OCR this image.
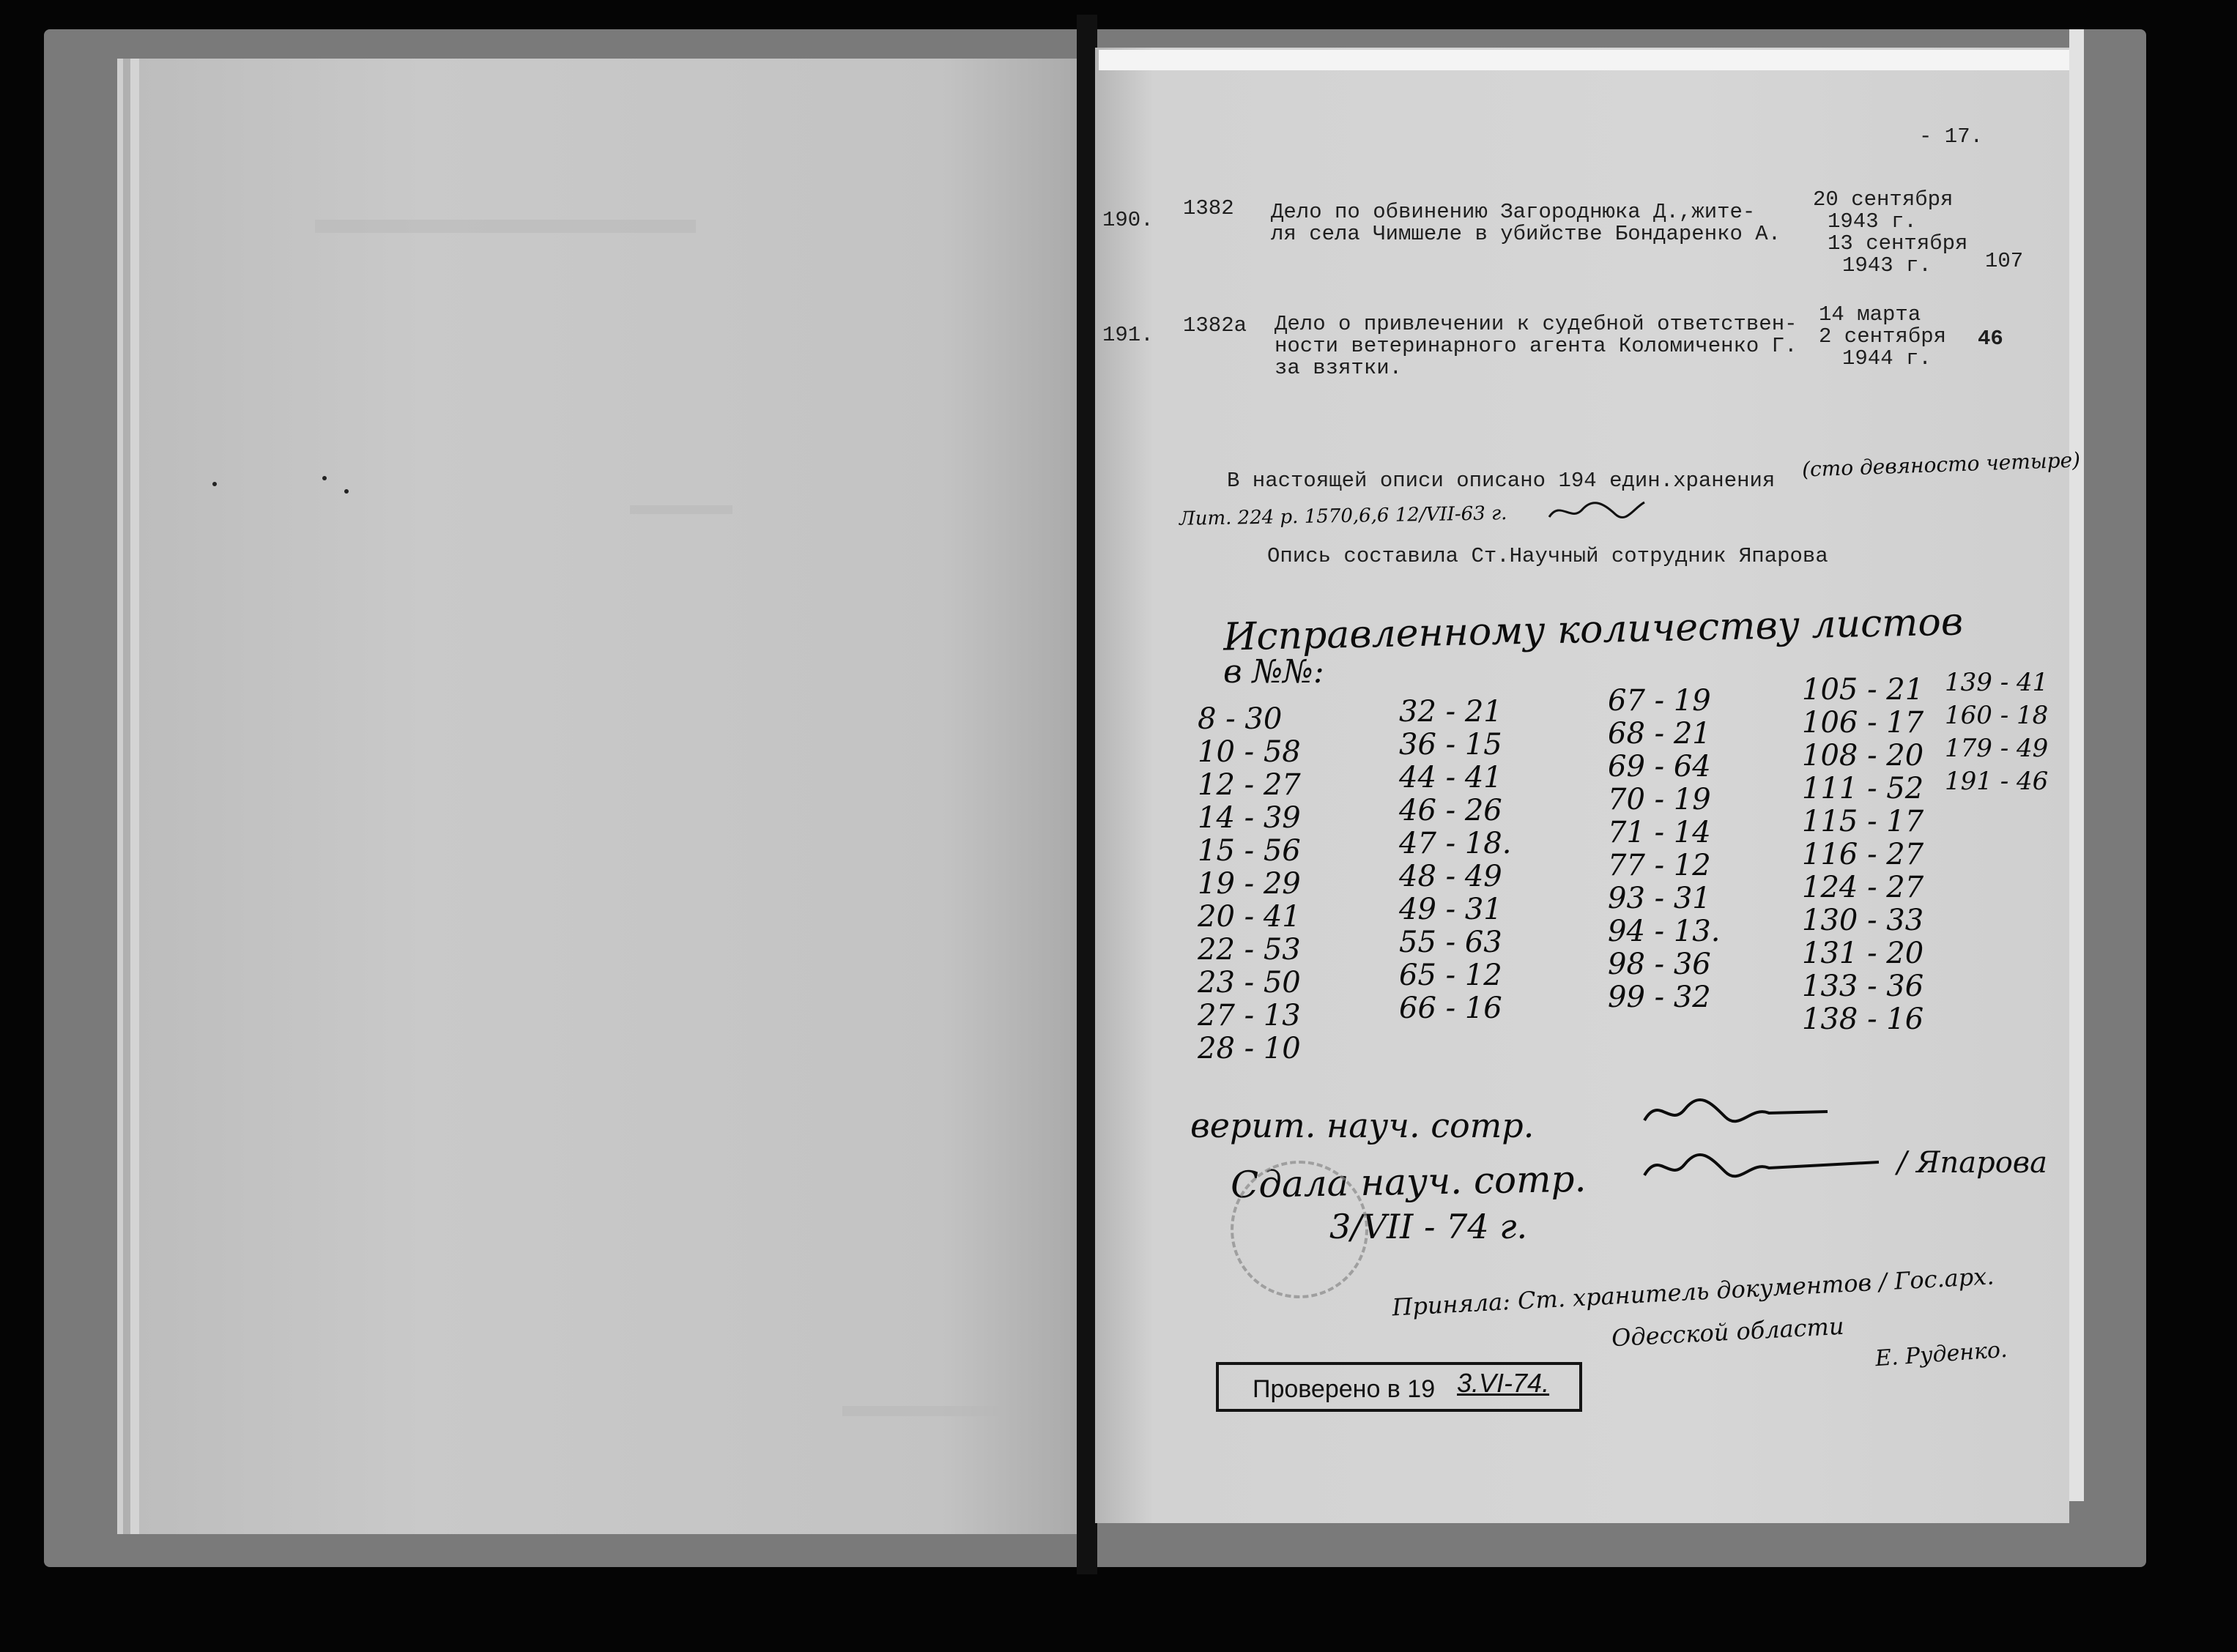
- 17.
190. 1382 Дело по обвинению Загороднюка Д.,жите-
ля села Чимшеле в убийстве Бондаренко А.
20 сентября
1943 г.
13 сентября
1943 г.	107
191. 1382а Дело о привлечении к судебной ответствен-
ности ветеринарного агента Коломиченко Г.
за взятки.
14 марта
2 сентября
1944 г.
46
В настоящей описи описано 194 един.хранения (сто девяносто четыре)
Лит. 224 р. 1570,6,6 12/VII-63 г.
Опись составила Ст.Научный сотрудник Япарова
Исправленному количеству листов
в №№:
8 - 30
10 - 58
12 - 27
14 - 39
15 - 56
19 - 29
20 - 41
22 - 53
23 - 50
27 - 13
28 - 10
32 - 21
36 - 15
44 - 41
46 - 26
47 - 18.
48 - 49
49 - 31
55 - 63
65 - 12
66 - 16
67 - 19
68 - 21
69 - 64
70 - 19
71 - 14
77 - 12
93 - 31
94 - 13.
98 - 36
99 - 32
105 - 21
106 - 17
108 - 20
111 - 52
115 - 17
116 - 27
124 - 27
130 - 33
131 - 20
133 - 36
138 - 16
139 - 41
160 - 18
179 - 49
191 - 46
верит. науч. сотр.
Сдала науч. сотр.	/ Япарова
3/VII - 74 г.
Приняла: Ст. хранитель документов / Гос.арх.
Одесской области
Е. Руденко.
Проверено в 19 3.VI-74.
